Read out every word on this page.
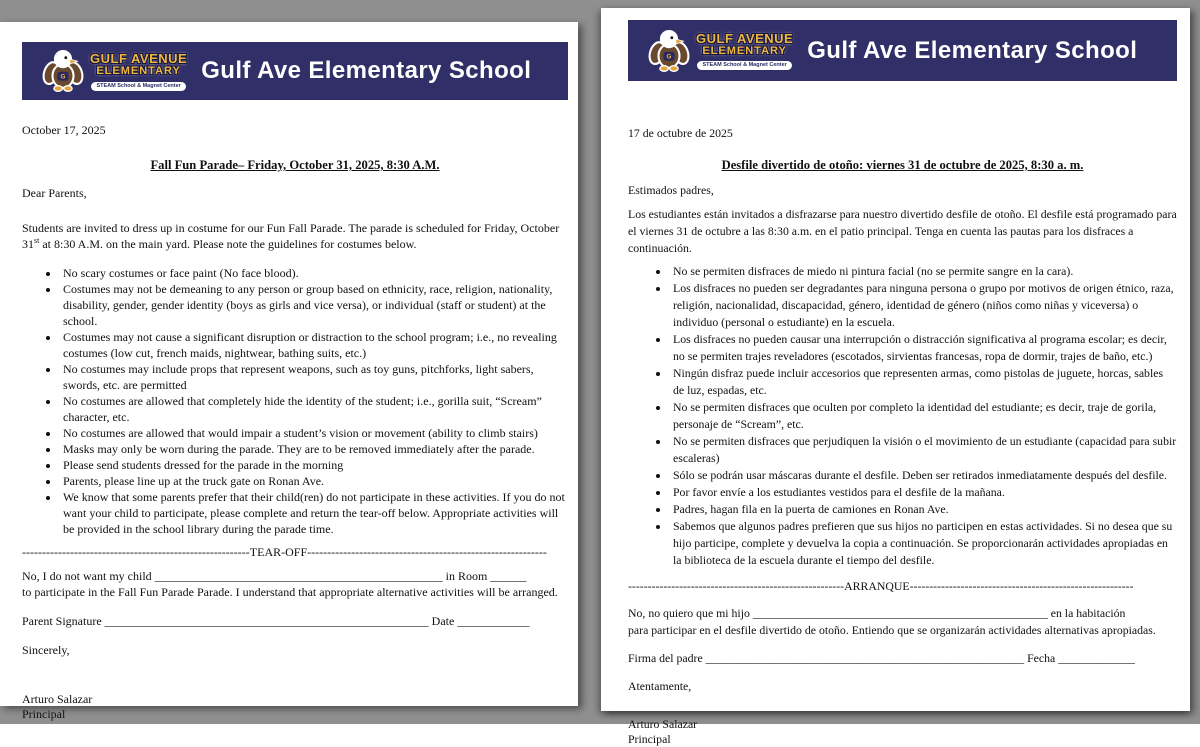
G
GULF AVENUE
ELEMENTARY
STEAM School & Magnet Center
Gulf Ave Elementary School

October 17, 2025

Fall Fun Parade– Friday, October 31, 2025, 8:30 A.M.

Dear Parents,

Students are invited to dress up in costume for our Fun Fall Parade. The parade is scheduled for Friday, October 31st at 8:30 A.M. on the main yard. Please note the guidelines for costumes below.

• No scary costumes or face paint (No face blood).
• Costumes may not be demeaning to any person or group based on ethnicity, race, religion, nationality, disability, gender, gender identity (boys as girls and vice versa), or individual (staff or student) at the school.
• Costumes may not cause a significant disruption or distraction to the school program; i.e., no revealing costumes (low cut, french maids, nightwear, bathing suits, etc.)
• No costumes may include props that represent weapons, such as toy guns, pitchforks, light sabers, swords, etc. are permitted
• No costumes are allowed that completely hide the identity of the student; i.e., gorilla suit, “Scream” character, etc.
• No costumes are allowed that would impair a student’s vision or movement (ability to climb stairs)
• Masks may only be worn during the parade. They are to be removed immediately after the parade.
• Please send students dressed for the parade in the morning
• Parents, please line up at the truck gate on Ronan Ave.
• We know that some parents prefer that their child(ren) do not participate in these activities. If you do not want your child to participate, please complete and return the tear-off below. Appropriate activities will be provided in the school library during the parade time.

---------------------------------------------------------TEAR-OFF------------------------------------------------------------

No, I do not want my child ________________________________________________ in Room ______

to participate in the Fall Fun Parade Parade. I understand that appropriate alternative activities will be arranged.

Parent Signature ______________________________________________________ Date ____________

Sincerely,

Arturo Salazar
Principal
G
GULF AVENUE
ELEMENTARY
STEAM School & Magnet Center
Gulf Ave Elementary School

17 de octubre de 2025

Desfile divertido de otoño: viernes 31 de octubre de 2025, 8:30 a. m.

Estimados padres,

Los estudiantes están invitados a disfrazarse para nuestro divertido desfile de otoño. El desfile está programado para el viernes 31 de octubre a las 8:30 a.m. en el patio principal. Tenga en cuenta las pautas para los disfraces a continuación.

• No se permiten disfraces de miedo ni pintura facial (no se permite sangre en la cara).
• Los disfraces no pueden ser degradantes para ninguna persona o grupo por motivos de origen étnico, raza, religión, nacionalidad, discapacidad, género, identidad de género (niños como niñas y viceversa) o individuo (personal o estudiante) en la escuela.
• Los disfraces no pueden causar una interrupción o distracción significativa al programa escolar; es decir, no se permiten trajes reveladores (escotados, sirvientas francesas, ropa de dormir, trajes de baño, etc.)
• Ningún disfraz puede incluir accesorios que representen armas, como pistolas de juguete, horcas, sables de luz, espadas, etc.
• No se permiten disfraces que oculten por completo la identidad del estudiante; es decir, traje de gorila, personaje de “Scream”, etc.
• No se permiten disfraces que perjudiquen la visión o el movimiento de un estudiante (capacidad para subir escaleras)
• Sólo se podrán usar máscaras durante el desfile. Deben ser retirados inmediatamente después del desfile.
• Por favor envíe a los estudiantes vestidos para el desfile de la mañana.
• Padres, hagan fila en la puerta de camiones en Ronan Ave.
• Sabemos que algunos padres prefieren que sus hijos no participen en estas actividades. Si no desea que su hijo participe, complete y devuelva la copia a continuación. Se proporcionarán actividades apropiadas en la biblioteca de la escuela durante el tiempo del desfile.

-------------------------------------------------------ARRANQUE---------------------------------------------------------

No, no quiero que mi hijo __________________________________________________ en la habitación

para participar en el desfile divertido de otoño. Entiendo que se organizarán actividades alternativas apropiadas.

Firma del padre ______________________________________________________ Fecha _____________

Atentamente,

Arturo Salazar
Principal
